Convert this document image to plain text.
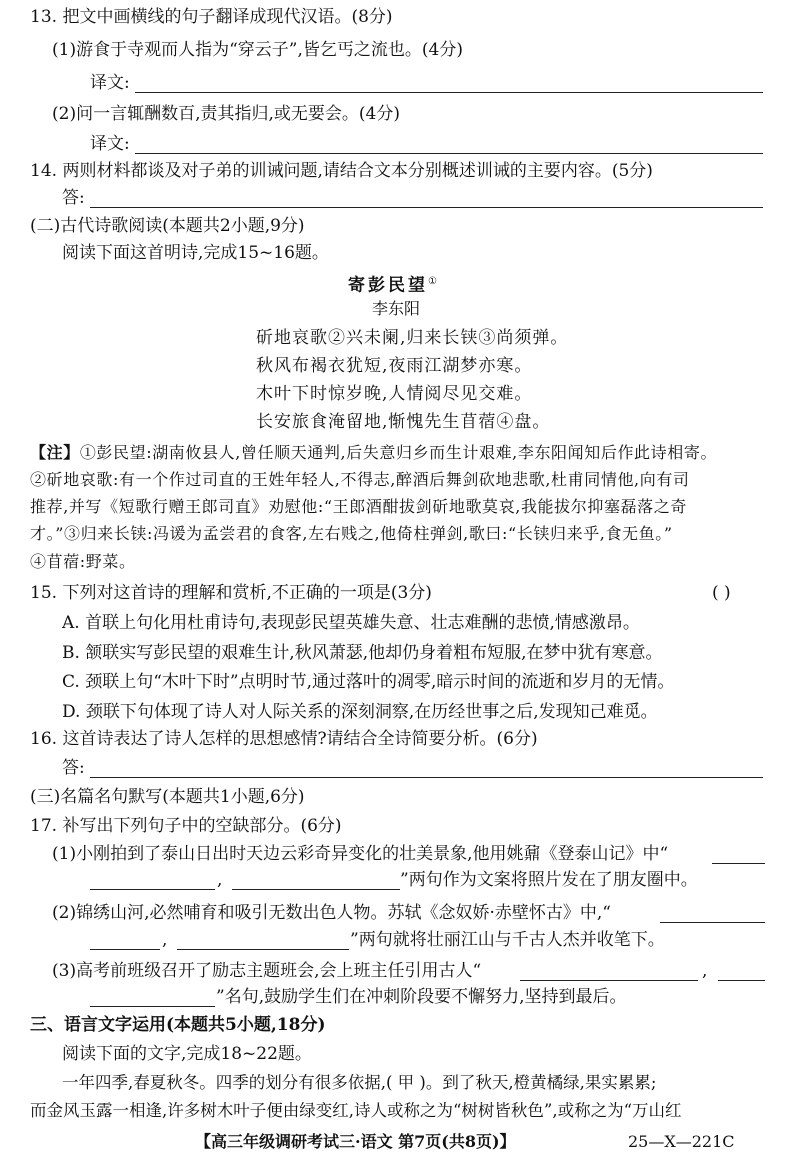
13. 把文中画横线的句子翻译成现代汉语。(8分)
(1)游食于寺观而人指为“穿云子”,皆乞丐之流也。(4分)
译文:
(2)问一言辄酬数百,责其指归,或无要会。(4分)
译文:
14. 两则材料都谈及对子弟的训诫问题,请结合文本分别概述训诫的主要内容。(5分)
答:
(二)古代诗歌阅读(本题共2小题,9分)
阅读下面这首明诗,完成15~16题。
寄彭民望①
李东阳
斫地哀歌②兴未阑,归来长铗③尚须弹。
秋风布褐衣犹短,夜雨江湖梦亦寒。
木叶下时惊岁晚,人情阅尽见交难。
长安旅食淹留地,惭愧先生苜蓿④盘。
【注】①彭民望:湖南攸县人,曾任顺天通判,后失意归乡而生计艰难,李东阳闻知后作此诗相寄。
②斫地哀歌:有一个作过司直的王姓年轻人,不得志,醉酒后舞剑砍地悲歌,杜甫同情他,向有司
推荐,并写《短歌行赠王郎司直》劝慰他:“王郎酒酣拔剑斫地歌莫哀,我能拔尔抑塞磊落之奇
才。”③归来长铗:冯谖为孟尝君的食客,左右贱之,他倚柱弹剑,歌曰:“长铗归来乎,食无鱼。”
④苜蓿:野菜。
15. 下列对这首诗的理解和赏析,不正确的一项是(3分)	( )
A. 首联上句化用杜甫诗句,表现彭民望英雄失意、壮志难酬的悲愤,情感激昂。
B. 颔联实写彭民望的艰难生计,秋风萧瑟,他却仍身着粗布短服,在梦中犹有寒意。
C. 颈联上句“木叶下时”点明时节,通过落叶的凋零,暗示时间的流逝和岁月的无情。
D. 颈联下句体现了诗人对人际关系的深刻洞察,在历经世事之后,发现知己难觅。
16. 这首诗表达了诗人怎样的思想感情?请结合全诗简要分析。(6分)
答:
(三)名篇名句默写(本题共1小题,6分)
17. 补写出下列句子中的空缺部分。(6分)
(1)小刚拍到了泰山日出时天边云彩奇异变化的壮美景象,他用姚鼐《登泰山记》中“
,	”两句作为文案将照片发在了朋友圈中。
(2)锦绣山河,必然哺育和吸引无数出色人物。苏轼《念奴娇·赤壁怀古》中,“
,	”两句就将壮丽江山与千古人杰并收笔下。
(3)高考前班级召开了励志主题班会,会上班主任引用古人“	,
”名句,鼓励学生们在冲刺阶段要不懈努力,坚持到最后。
三、语言文字运用(本题共5小题,18分)
阅读下面的文字,完成18~22题。
一年四季,春夏秋冬。四季的划分有很多依据,( 甲 )。到了秋天,橙黄橘绿,果实累累;
而金风玉露一相逢,许多树木叶子便由绿变红,诗人或称之为“树树皆秋色”,或称之为“万山红
【高三年级调研考试三·语文 第7页(共8页)】	25—X—221C
